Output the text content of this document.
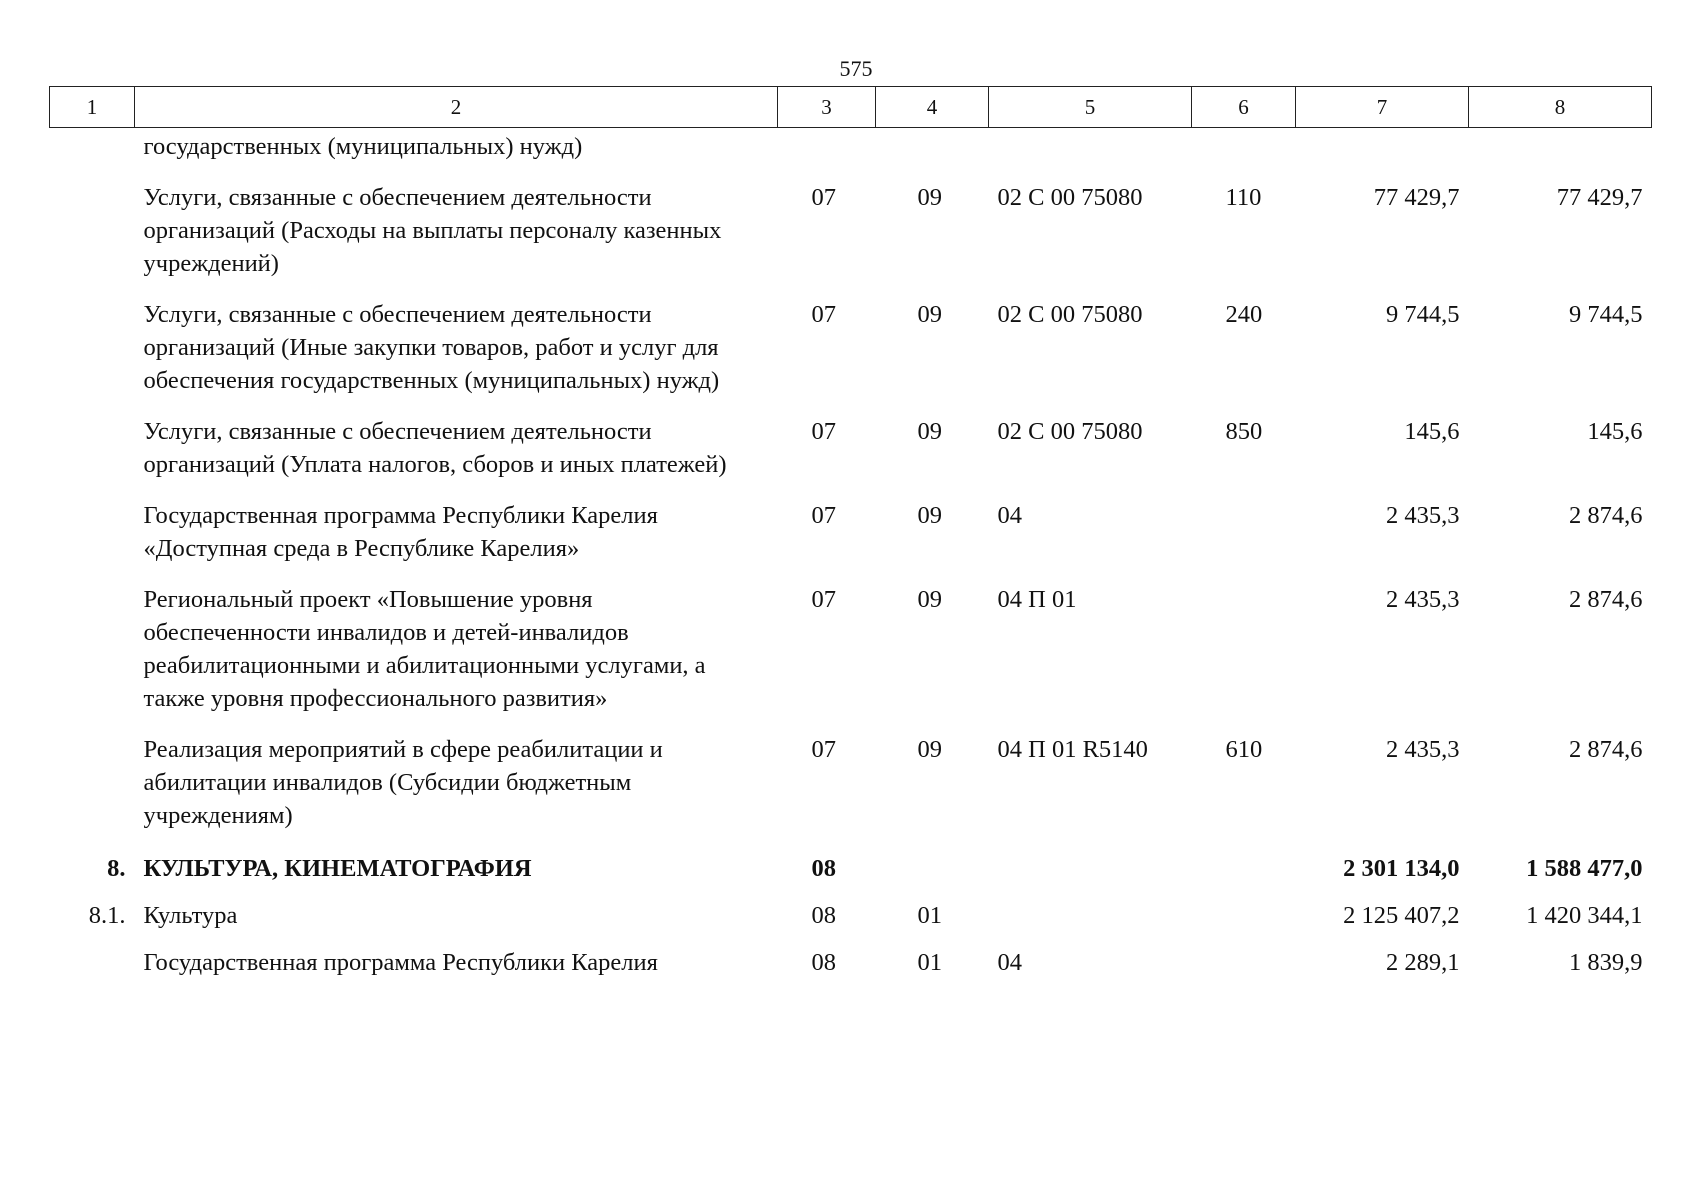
575
1	2	3	4	5	6	7	8
	государственных (муниципальных) нужд)						
	Услуги, связанные с обеспечением деятельности организаций (Расходы на выплаты персоналу казенных учреждений)	07	09	02 С 00 75080	110	77 429,7	77 429,7
	Услуги, связанные с обеспечением деятельности организаций (Иные закупки товаров, работ и услуг для обеспечения государственных (муниципальных) нужд)	07	09	02 С 00 75080	240	9 744,5	9 744,5
	Услуги, связанные с обеспечением деятельности организаций (Уплата налогов, сборов и иных платежей)	07	09	02 С 00 75080	850	145,6	145,6
	Государственная программа Республики Карелия «Доступная среда в Республике Карелия»	07	09	04		2 435,3	2 874,6
	Региональный проект «Повышение уровня обеспеченности инвалидов и детей-инвалидов реабилитационными и абилитационными услугами, а также уровня профессионального развития»	07	09	04 П 01		2 435,3	2 874,6
	Реализация мероприятий в сфере реабилитации и абилитации инвалидов (Субсидии бюджетным учреждениям)	07	09	04 П 01 R5140	610	2 435,3	2 874,6
8.	КУЛЬТУРА, КИНЕМАТОГРАФИЯ	08				2 301 134,0	1 588 477,0
8.1.	Культура	08	01			2 125 407,2	1 420 344,1
	Государственная программа Республики Карелия	08	01	04		2 289,1	1 839,9
